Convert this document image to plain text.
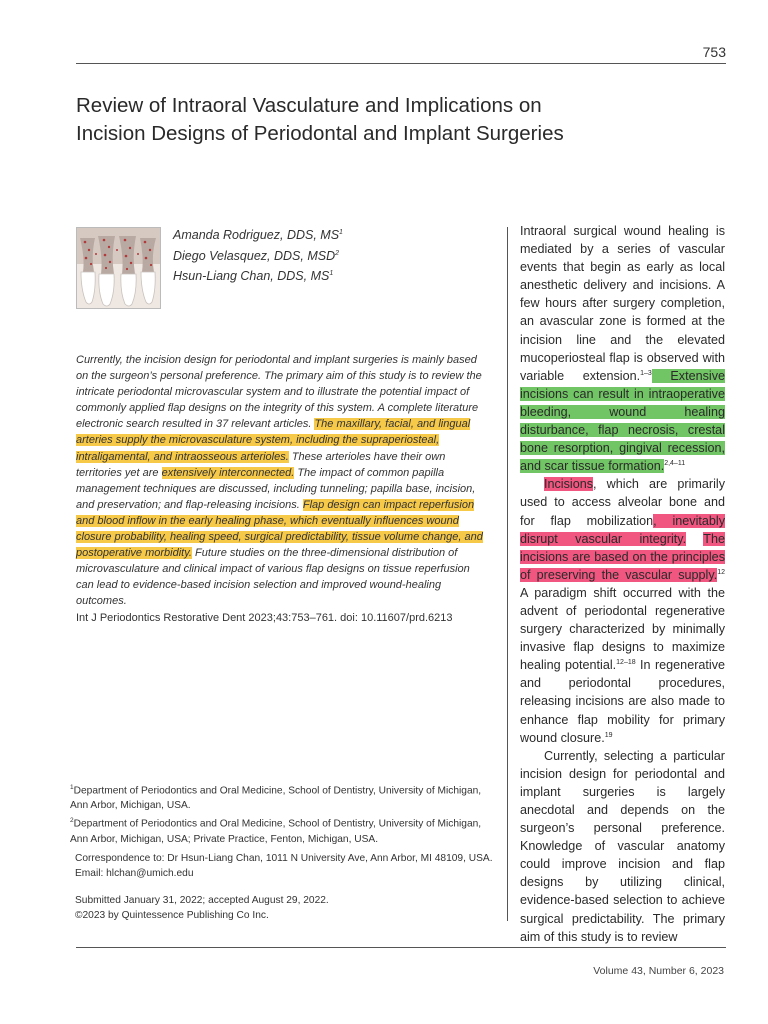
753
Review of Intraoral Vasculature and Implications on
Incision Designs of Periodontal and Implant Surgeries
Amanda Rodriguez, DDS, $MS^1$
Diego Velasquez, DDS, MSD$^2$
Hsun-Liang Chan, DDS, $MS^1$

Currently, the incision design for periodontal and implant surgeries is mainly based on the surgeon’s personal preference. The primary aim of this study is to review the intricate periodontal microvascular system and to illustrate the potential impact of commonly applied flap designs on the integrity of this system. A complete literature electronic search resulted in 37 relevant articles. The maxillary, facial, and lingual arteries supply the microvasculature system, including the supraperiosteal, intraligamental, and intraosseous arterioles. These arterioles have their own territories yet are extensively interconnected. The impact of common papilla management techniques are discussed, including tunneling; papilla base, incision, and preservation; and flap-releasing incisions. Flap design can impact reperfusion and blood inflow in the early healing phase, which eventually influences wound closure probability, healing speed, surgical predictability, tissue volume change, and postoperative morbidity. Future studies on the three-dimensional distribution of microvasculature and clinical impact of various flap designs on tissue reperfusion can lead to evidence-based incision selection and improved wound-healing outcomes.
Int J Periodontics Restorative Dent 2023;43:753–761. doi: 10.11607/prd.6213

$^1$Department of Periodontics and Oral Medicine, School of Dentistry, University of Michigan, Ann Arbor, Michigan, USA.

$^2$Department of Periodontics and Oral Medicine, School of Dentistry, University of Michigan, Ann Arbor, Michigan, USA; Private Practice, Fenton, Michigan, USA.

Correspondence to: Dr Hsun-Liang Chan, 1011 N University Ave, Ann Arbor, MI 48109, USA.

Email: hlchan@umich.edu

Submitted January 31, 2022; accepted August 29, 2022.

©2023 by Quintessence Publishing Co Inc.

Intraoral surgical wound healing is mediated by a series of vascular events that begin as early as local anesthetic delivery and incisions. A few hours after surgery completion, an avascular zone is formed at the incision line and the elevated mucoperiosteal flap is observed with variable extension.$^{1-3}$ Extensive incisions can result in intraoperative bleeding, wound healing disturbance, flap necrosis, crestal bone resorption, gingival recession, and scar tissue formation.$^{2,4-11}$

Incisions, which are primarily used to access alveolar bone and for flap mobilization, inevitably disrupt vascular integrity. The incisions are based on the principles of preserving the vascular supply.$^{12}$ A paradigm shift occurred with the advent of periodontal regenerative surgery characterized by minimally invasive flap designs to maximize healing potential.$^{12-18}$ In regenerative and periodontal procedures, releasing incisions are also made to enhance flap mobility for primary wound closure.$^{19}$

Currently, selecting a particular incision design for periodontal and implant surgeries is largely anecdotal and depends on the surgeon’s personal preference. Knowledge of vascular anatomy could improve incision and flap designs by utilizing clinical, evidence-based selection to achieve surgical predictability. The primary aim of this study is to review

Volume 43, Number 6, 2023
